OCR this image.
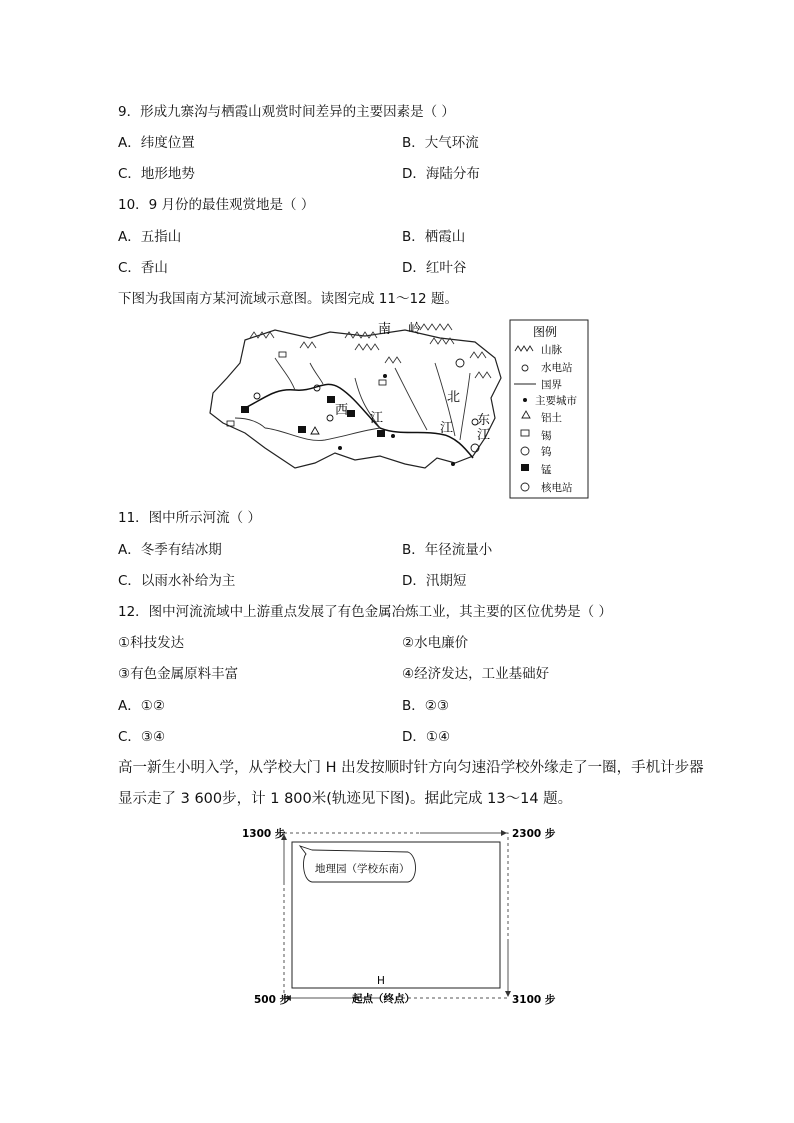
9．形成九寨沟与栖霞山观赏时间差异的主要因素是（ ）
A．纬度位置	B．大气环流
C．地形地势	D．海陆分布
10．9 月份的最佳观赏地是（ ）
A．五指山	B．栖霞山
C．香山	D．红叶谷
下图为我国南方某河流域示意图。读图完成 11～12 题。
南 岭
西
江
北
江
东
江
图例
山脉
水电站
国界
主要城市
铝土
锡
钨
锰
核电站
11．图中所示河流（ ）
A．冬季有结冰期	B．年径流量小
C．以雨水补给为主	D．汛期短
12．图中河流流域中上游重点发展了有色金属冶炼工业，其主要的区位优势是（ ）
①科技发达	②水电廉价
③有色金属原料丰富	④经济发达，工业基础好
A．①②	B．②③
C．③④	D．①④
高一新生小明入学，从学校大门 H 出发按顺时针方向匀速沿学校外缘走了一圈，手机计步器
显示走了 3 600步，计 1 800米(轨迹见下图)。据此完成 13～14 题。
地理园（学校东南）
1300 步	2300 步
500 步	3100 步
H
起点（终点）
